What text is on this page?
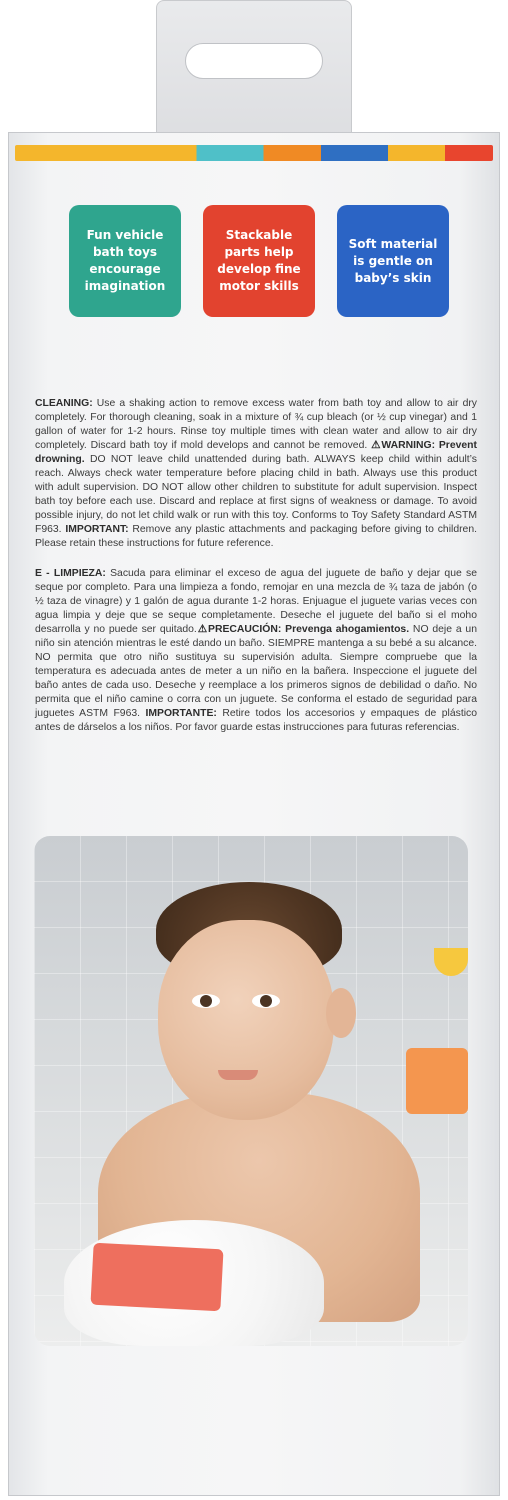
Fun vehicle bath toys encourage imagination
Stackable parts help develop fine motor skills
Soft material is gentle on baby’s skin

CLEANING: Use a shaking action to remove excess water from bath toy and allow to air dry completely. For thorough cleaning, soak in a mixture of ¾ cup bleach (or ½ cup vinegar) and 1 gallon of water for 1-2 hours. Rinse toy multiple times with clean water and allow to air dry completely. Discard bath toy if mold develops and cannot be removed. ⚠WARNING: Prevent drowning. DO NOT leave child unattended during bath. ALWAYS keep child within adult’s reach. Always check water temperature before placing child in bath. Always use this product with adult supervision. DO NOT allow other children to substitute for adult supervision. Inspect bath toy before each use. Discard and replace at first signs of weakness or damage. To avoid possible injury, do not let child walk or run with this toy. Conforms to Toy Safety Standard ASTM F963. IMPORTANT: Remove any plastic attachments and packaging before giving to children. Please retain these instructions for future reference.

E - LIMPIEZA: Sacuda para eliminar el exceso de agua del juguete de baño y dejar que se seque por completo. Para una limpieza a fondo, remojar en una mezcla de ¾ taza de jabón (o ½ taza de vinagre) y 1 galón de agua durante 1-2 horas. Enjuague el juguete varias veces con agua limpia y deje que se seque completamente. Deseche el juguete del baño si el moho desarrolla y no puede ser quitado.⚠PRECAUCIÓN: Prevenga ahogamientos. NO deje a un niño sin atención mientras le esté dando un baño. SIEMPRE mantenga a su bebé a su alcance. NO permita que otro niño sustituya su supervisión adulta. Siempre compruebe que la temperatura es adecuada antes de meter a un niño en la bañera. Inspeccione el juguete del baño antes de cada uso. Deseche y reemplace a los primeros signos de debilidad o daño. No permita que el niño camine o corra con un juguete. Se conforma el estado de seguridad para juguetes ASTM F963. IMPORTANTE: Retire todos los accesorios y empaques de plástico antes de dárselos a los niños. Por favor guarde estas instrucciones para futuras referencias.
